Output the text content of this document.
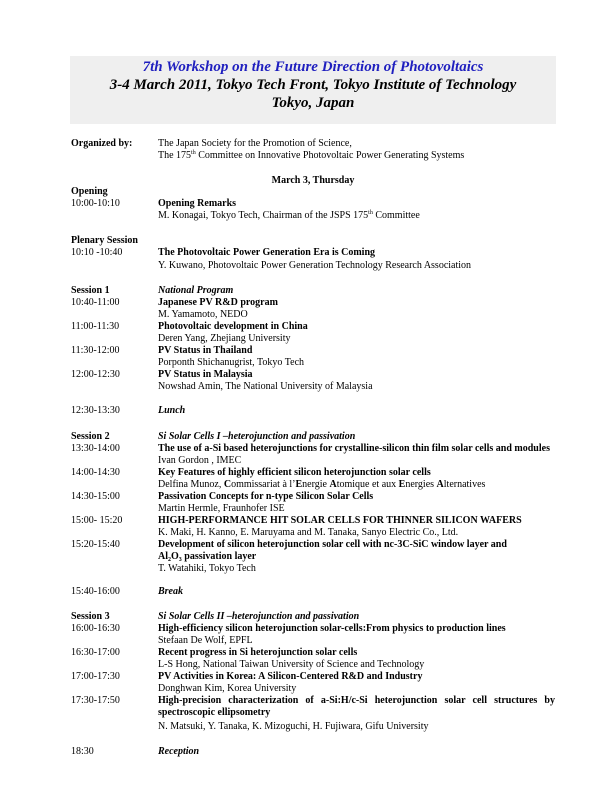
7th Workshop on the Future Direction of Photovoltaics
3-4 March 2011, Tokyo Tech Front, Tokyo Institute of Technology
Tokyo, Japan
Organized by:	The Japan Society for the Promotion of Science,
The 175th Committee on Innovative Photovoltaic Power Generating Systems
March 3, Thursday
Opening
10:00-10:10	Opening Remarks
M. Konagai, Tokyo Tech, Chairman of the JSPS 175th Committee
Plenary Session
10:10 -10:40	The Photovoltaic Power Generation Era is Coming
Y. Kuwano, Photovoltaic Power Generation Technology Research Association
Session 1	National Program
10:40-11:00	Japanese PV R&D program
M. Yamamoto, NEDO
11:00-11:30	Photovoltaic development in China
Deren Yang, Zhejiang University
11:30-12:00	PV Status in Thailand
Porponth Shichanugrist, Tokyo Tech
12:00-12:30	PV Status in Malaysia
Nowshad Amin, The National University of Malaysia
12:30-13:30	Lunch
Session 2	Si Solar Cells I –heterojunction and passivation
13:30-14:00	The use of a-Si based heterojunctions for crystalline-silicon thin film solar cells and modules
Ivan Gordon , IMEC
14:00-14:30	Key Features of highly efficient silicon heterojunction solar cells
Delfina Munoz, Commissariat à l’Energie Atomique et aux Energies Alternatives
14:30-15:00	Passivation Concepts for n-type Silicon Solar Cells
Martin Hermle, Fraunhofer ISE
15:00- 15:20	HIGH-PERFORMANCE HIT SOLAR CELLS FOR THINNER SILICON WAFERS
K. Maki, H. Kanno, E. Maruyama and M. Tanaka, Sanyo Electric Co., Ltd.
15:20-15:40	Development of silicon heterojunction solar cell with nc-3C-SiC window layer and
$Al_2O_3$ passivation layer
T. Watahiki, Tokyo Tech
15:40-16:00	Break
Session 3	Si Solar Cells II –heterojunction and passivation
16:00-16:30	High-efficiency silicon heterojunction solar-cells:From physics to production lines
Stefaan De Wolf, EPFL
16:30-17:00	Recent progress in Si heterojunction solar cells
L-S Hong, National Taiwan University of Science and Technology
17:00-17:30	PV Activities in Korea: A Silicon-Centered R&D and Industry
Donghwan Kim, Korea University
17:30-17:50	High-precision characterization of a-Si:H/c-Si heterojunction solar cell structures by
spectroscopic ellipsometry
N. Matsuki, Y. Tanaka, K. Mizoguchi, H. Fujiwara, Gifu University
18:30	Reception
